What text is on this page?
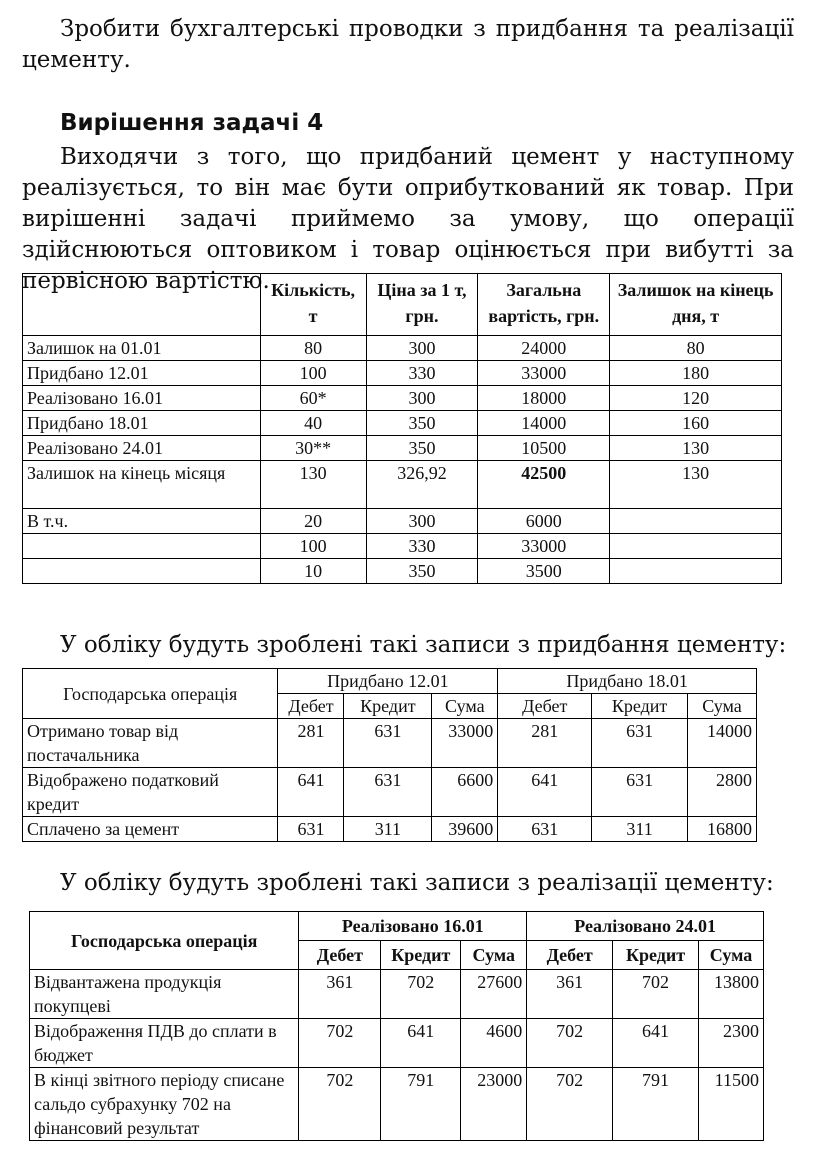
Зробити бухгалтерські проводки з придбання та реалізації цементу.

Вирішення задачі 4

Виходячи з того, що придбаний цемент у наступному реалізується, то він має бути оприбуткований як товар. При вирішенні задачі приймемо за умову, що операції здійснюються оптовиком і товар оцінюється при вибутті за первісною вартістю.

	Кількість, т	Ціна за 1 т, грн.	Загальна вартість, грн.	Залишок на кінець дня, т
Залишок на 01.01	80	300	24000	80
Придбано 12.01	100	330	33000	180
Реалізовано 16.01	60*	300	18000	120
Придбано 18.01	40	350	14000	160
Реалізовано 24.01	30**	350	10500	130
Залишок на кінець місяця	130	326,92	42500	130
В т.ч.	20	300	6000	
	100	330	33000	
	10	350	3500	

У обліку будуть зроблені такі записи з придбання цементу:

Господарська операція	Придбано 12.01			Придбано 18.01		
	Дебет	Кредит	Сума	Дебет	Кредит	Сума
Отримано товар від постачальника	281	631	33000	281	631	14000
Відображено податковий кредит	641	631	6600	641	631	2800
Сплачено за цемент	631	311	39600	631	311	16800

У обліку будуть зроблені такі записи з реалізації цементу:

Господарська операція	Реалізовано 16.01			Реалізовано 24.01		
	Дебет	Кредит	Сума	Дебет	Кредит	Сума
Відвантажена продукція покупцеві	361	702	27600	361	702	13800
Відображення ПДВ до сплати в бюджет	702	641	4600	702	641	2300
В кінці звітного періоду списане сальдо субрахунку 702 на фінансовий результат	702	791	23000	702	791	11500
